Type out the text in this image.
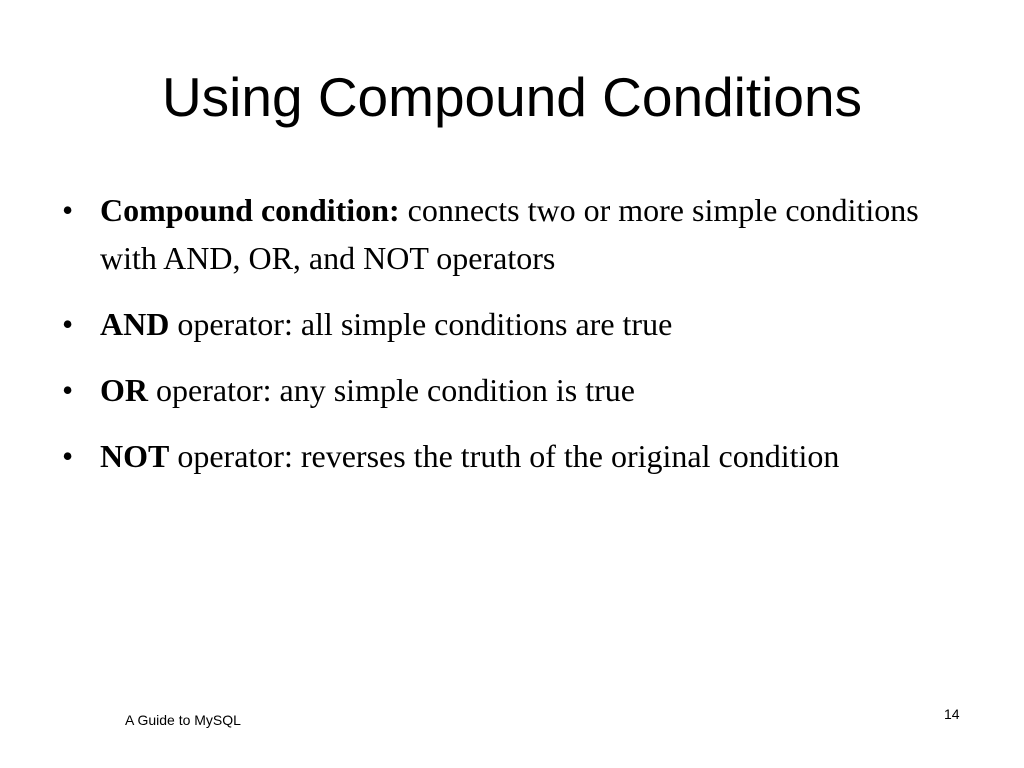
Using Compound Conditions
• Compound condition: connects two or more simple conditions with AND, OR, and NOT operators
• AND operator: all simple conditions are true
• OR operator: any simple condition is true
• NOT operator: reverses the truth of the original condition
A Guide to MySQL	14
